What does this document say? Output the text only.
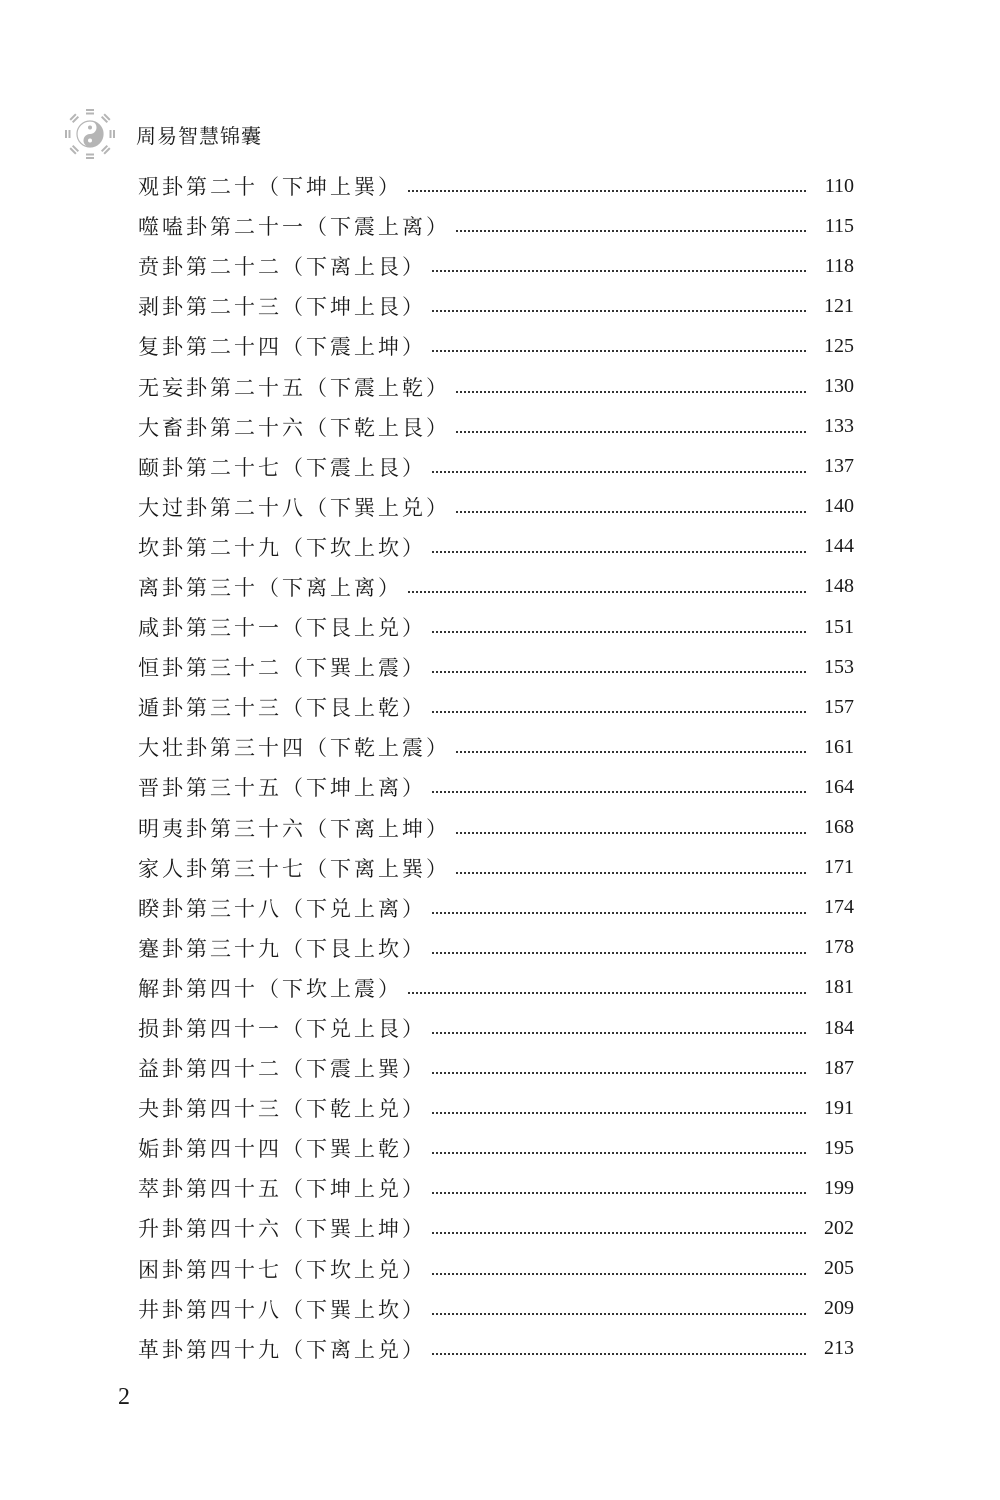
周易智慧锦囊
观卦第二十（下坤上巽）	110
噬嗑卦第二十一（下震上离）	115
贲卦第二十二（下离上艮）	118
剥卦第二十三（下坤上艮）	121
复卦第二十四（下震上坤）	125
无妄卦第二十五（下震上乾）	130
大畜卦第二十六（下乾上艮）	133
颐卦第二十七（下震上艮）	137
大过卦第二十八（下巽上兑）	140
坎卦第二十九（下坎上坎）	144
离卦第三十（下离上离）	148
咸卦第三十一（下艮上兑）	151
恒卦第三十二（下巽上震）	153
遁卦第三十三（下艮上乾）	157
大壮卦第三十四（下乾上震）	161
晋卦第三十五（下坤上离）	164
明夷卦第三十六（下离上坤）	168
家人卦第三十七（下离上巽）	171
睽卦第三十八（下兑上离）	174
蹇卦第三十九（下艮上坎）	178
解卦第四十（下坎上震）	181
损卦第四十一（下兑上艮）	184
益卦第四十二（下震上巽）	187
夬卦第四十三（下乾上兑）	191
姤卦第四十四（下巽上乾）	195
萃卦第四十五（下坤上兑）	199
升卦第四十六（下巽上坤）	202
困卦第四十七（下坎上兑）	205
井卦第四十八（下巽上坎）	209
革卦第四十九（下离上兑）	213
2
